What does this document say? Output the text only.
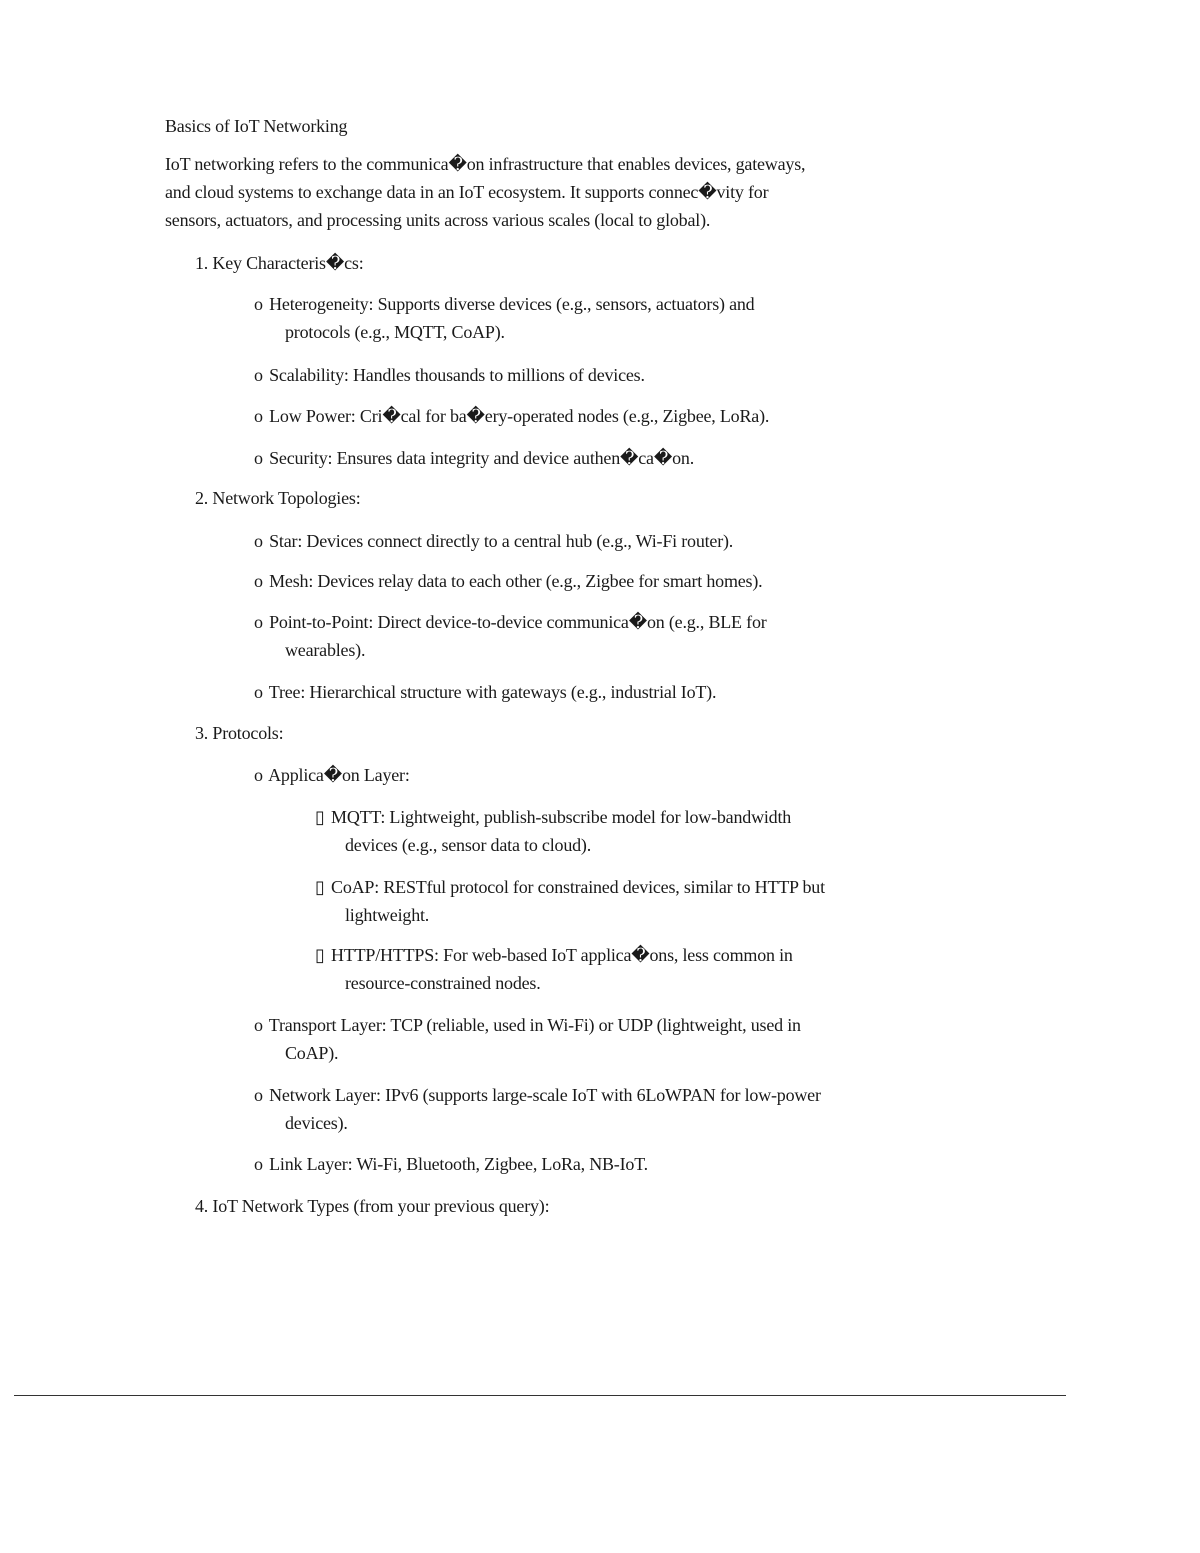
Basics of IoT Networking
IoT networking refers to the communica�on infrastructure that enables devices, gateways,
and cloud systems to exchange data in an IoT ecosystem. It supports connec�vity for
sensors, actuators, and processing units across various scales (local to global).
1. Key Characteris�cs:
o Heterogeneity: Supports diverse devices (e.g., sensors, actuators) and
protocols (e.g., MQTT, CoAP).
o Scalability: Handles thousands to millions of devices.
o Low Power: Cri�cal for ba�ery-operated nodes (e.g., Zigbee, LoRa).
o Security: Ensures data integrity and device authen�ca�on.
2. Network Topologies:
o Star: Devices connect directly to a central hub (e.g., Wi-Fi router).
o Mesh: Devices relay data to each other (e.g., Zigbee for smart homes).
o Point-to-Point: Direct device-to-device communica�on (e.g., BLE for
wearables).
o Tree: Hierarchical structure with gateways (e.g., industrial IoT).
3. Protocols:
o Applica�on Layer:
▯ MQTT: Lightweight, publish-subscribe model for low-bandwidth
devices (e.g., sensor data to cloud).
▯ CoAP: RESTful protocol for constrained devices, similar to HTTP but
lightweight.
▯ HTTP/HTTPS: For web-based IoT applica�ons, less common in
resource-constrained nodes.
o Transport Layer: TCP (reliable, used in Wi-Fi) or UDP (lightweight, used in
CoAP).
o Network Layer: IPv6 (supports large-scale IoT with 6LoWPAN for low-power
devices).
o Link Layer: Wi-Fi, Bluetooth, Zigbee, LoRa, NB-IoT.
4. IoT Network Types (from your previous query):
